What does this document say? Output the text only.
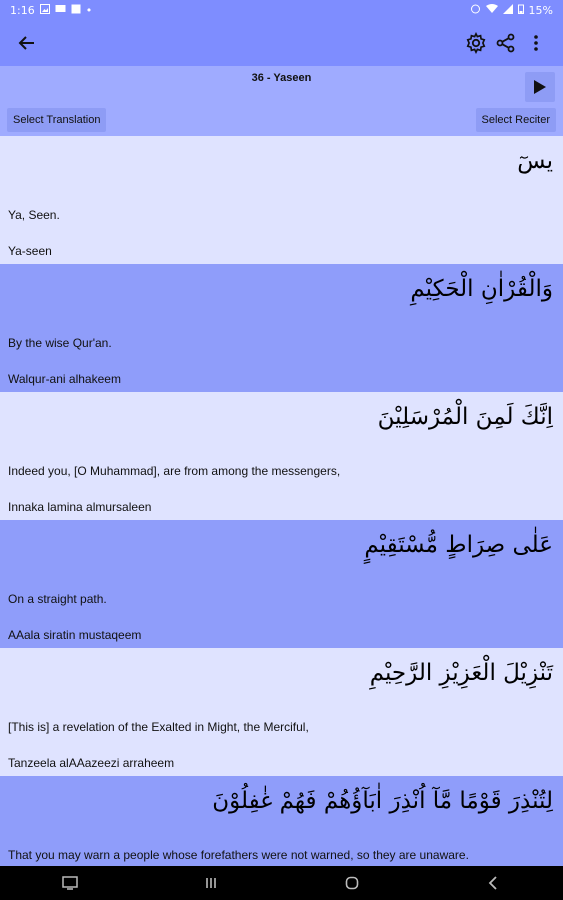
1:16	•	15%
36 - Yaseen
Select Translation	Select Reciter
يسٓ
Ya, Seen.
Ya-seen
وَالْقُرْاٰنِ الْحَكِيْمِ
By the wise Qur'an.
Walqur-ani alhakeem
اِنَّكَ لَمِنَ الْمُرْسَلِيْنَ
Indeed you, [O Muhammad], are from among the messengers,
Innaka lamina almursaleen
عَلٰى صِرَاطٍ مُّسْتَقِيْمٍ
On a straight path.
AAala siratin mustaqeem
تَنْزِيْلَ الْعَزِيْزِ الرَّحِيْمِ
[This is] a revelation of the Exalted in Might, the Merciful,
Tanzeela alAAazeezi arraheem
لِتُنْذِرَ قَوْمًا مَّآ اُنْذِرَ اٰبَآؤُهُمْ فَهُمْ غٰفِلُوْنَ
That you may warn a people whose forefathers were not warned, so they are unaware.
